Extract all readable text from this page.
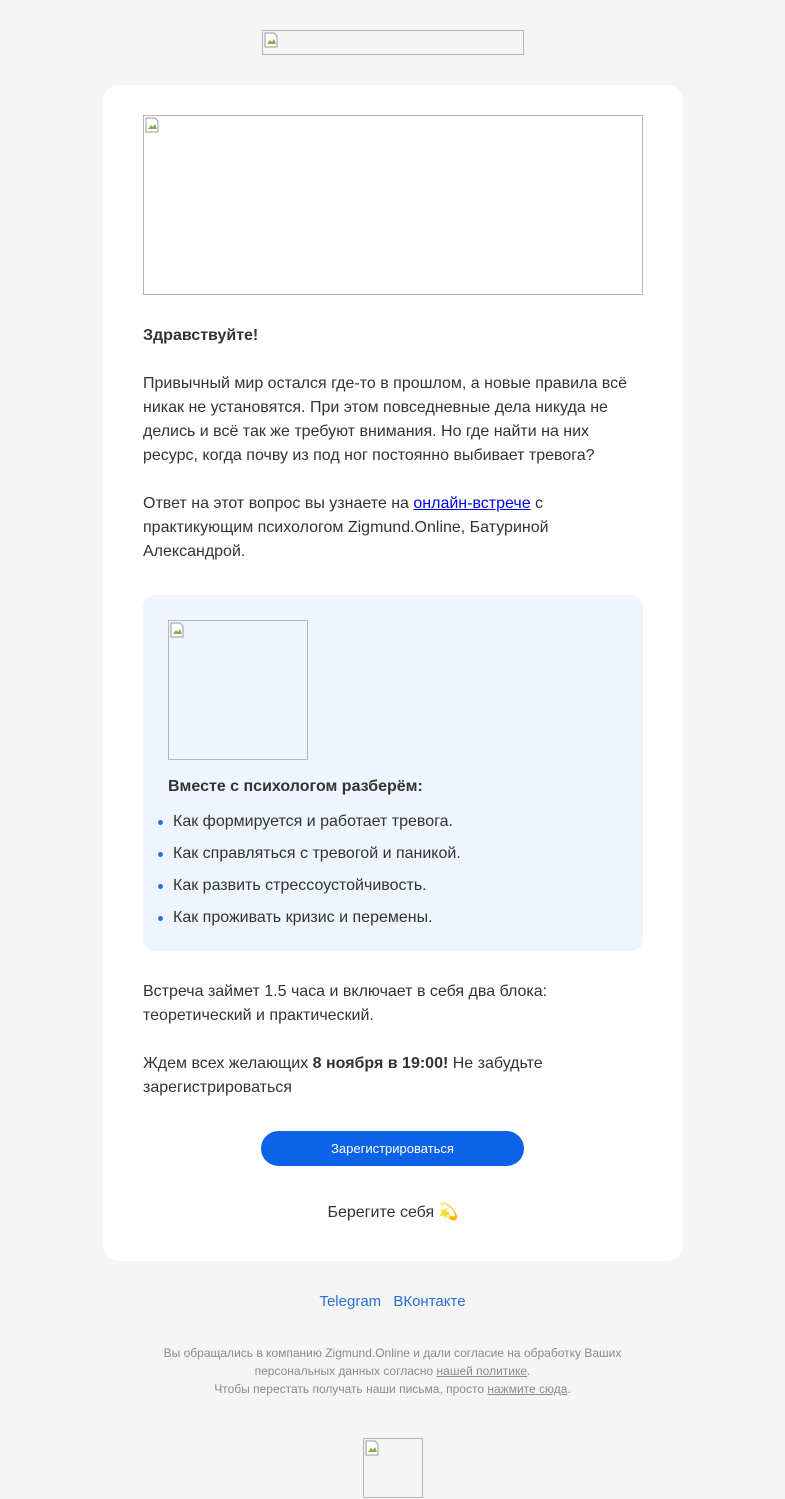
Здравствуйте!

Привычный мир остался где-то в прошлом, а новые правила всё никак не установятся. При этом повседневные дела никуда не делись и всё так же требуют внимания. Но где найти на них ресурс, когда почву из под ног постоянно выбивает тревога?

Ответ на этот вопрос вы узнаете на онлайн-встрече с практикующим психологом Zigmund.Online, Батуриной Александрой.

Вместе с психологом разберём:

Как формируется и работает тревога.
Как справляться с тревогой и паникой.
Как развить стрессоустойчивость.
Как проживать кризис и перемены.

Встреча займет 1.5 часа и включает в себя два блока: теоретический и практический.

Ждем всех желающих 8 ноября в 19:00! Не забудьте зарегистрироваться

Зарегистрироваться

Берегите себя 💫

Telegram ВКонтакте

Вы обращались в компанию Zigmund.Online и дали согласие на обработку Ваших персональных данных согласно нашей политике.

Чтобы перестать получать наши письма, просто нажмите сюда.
